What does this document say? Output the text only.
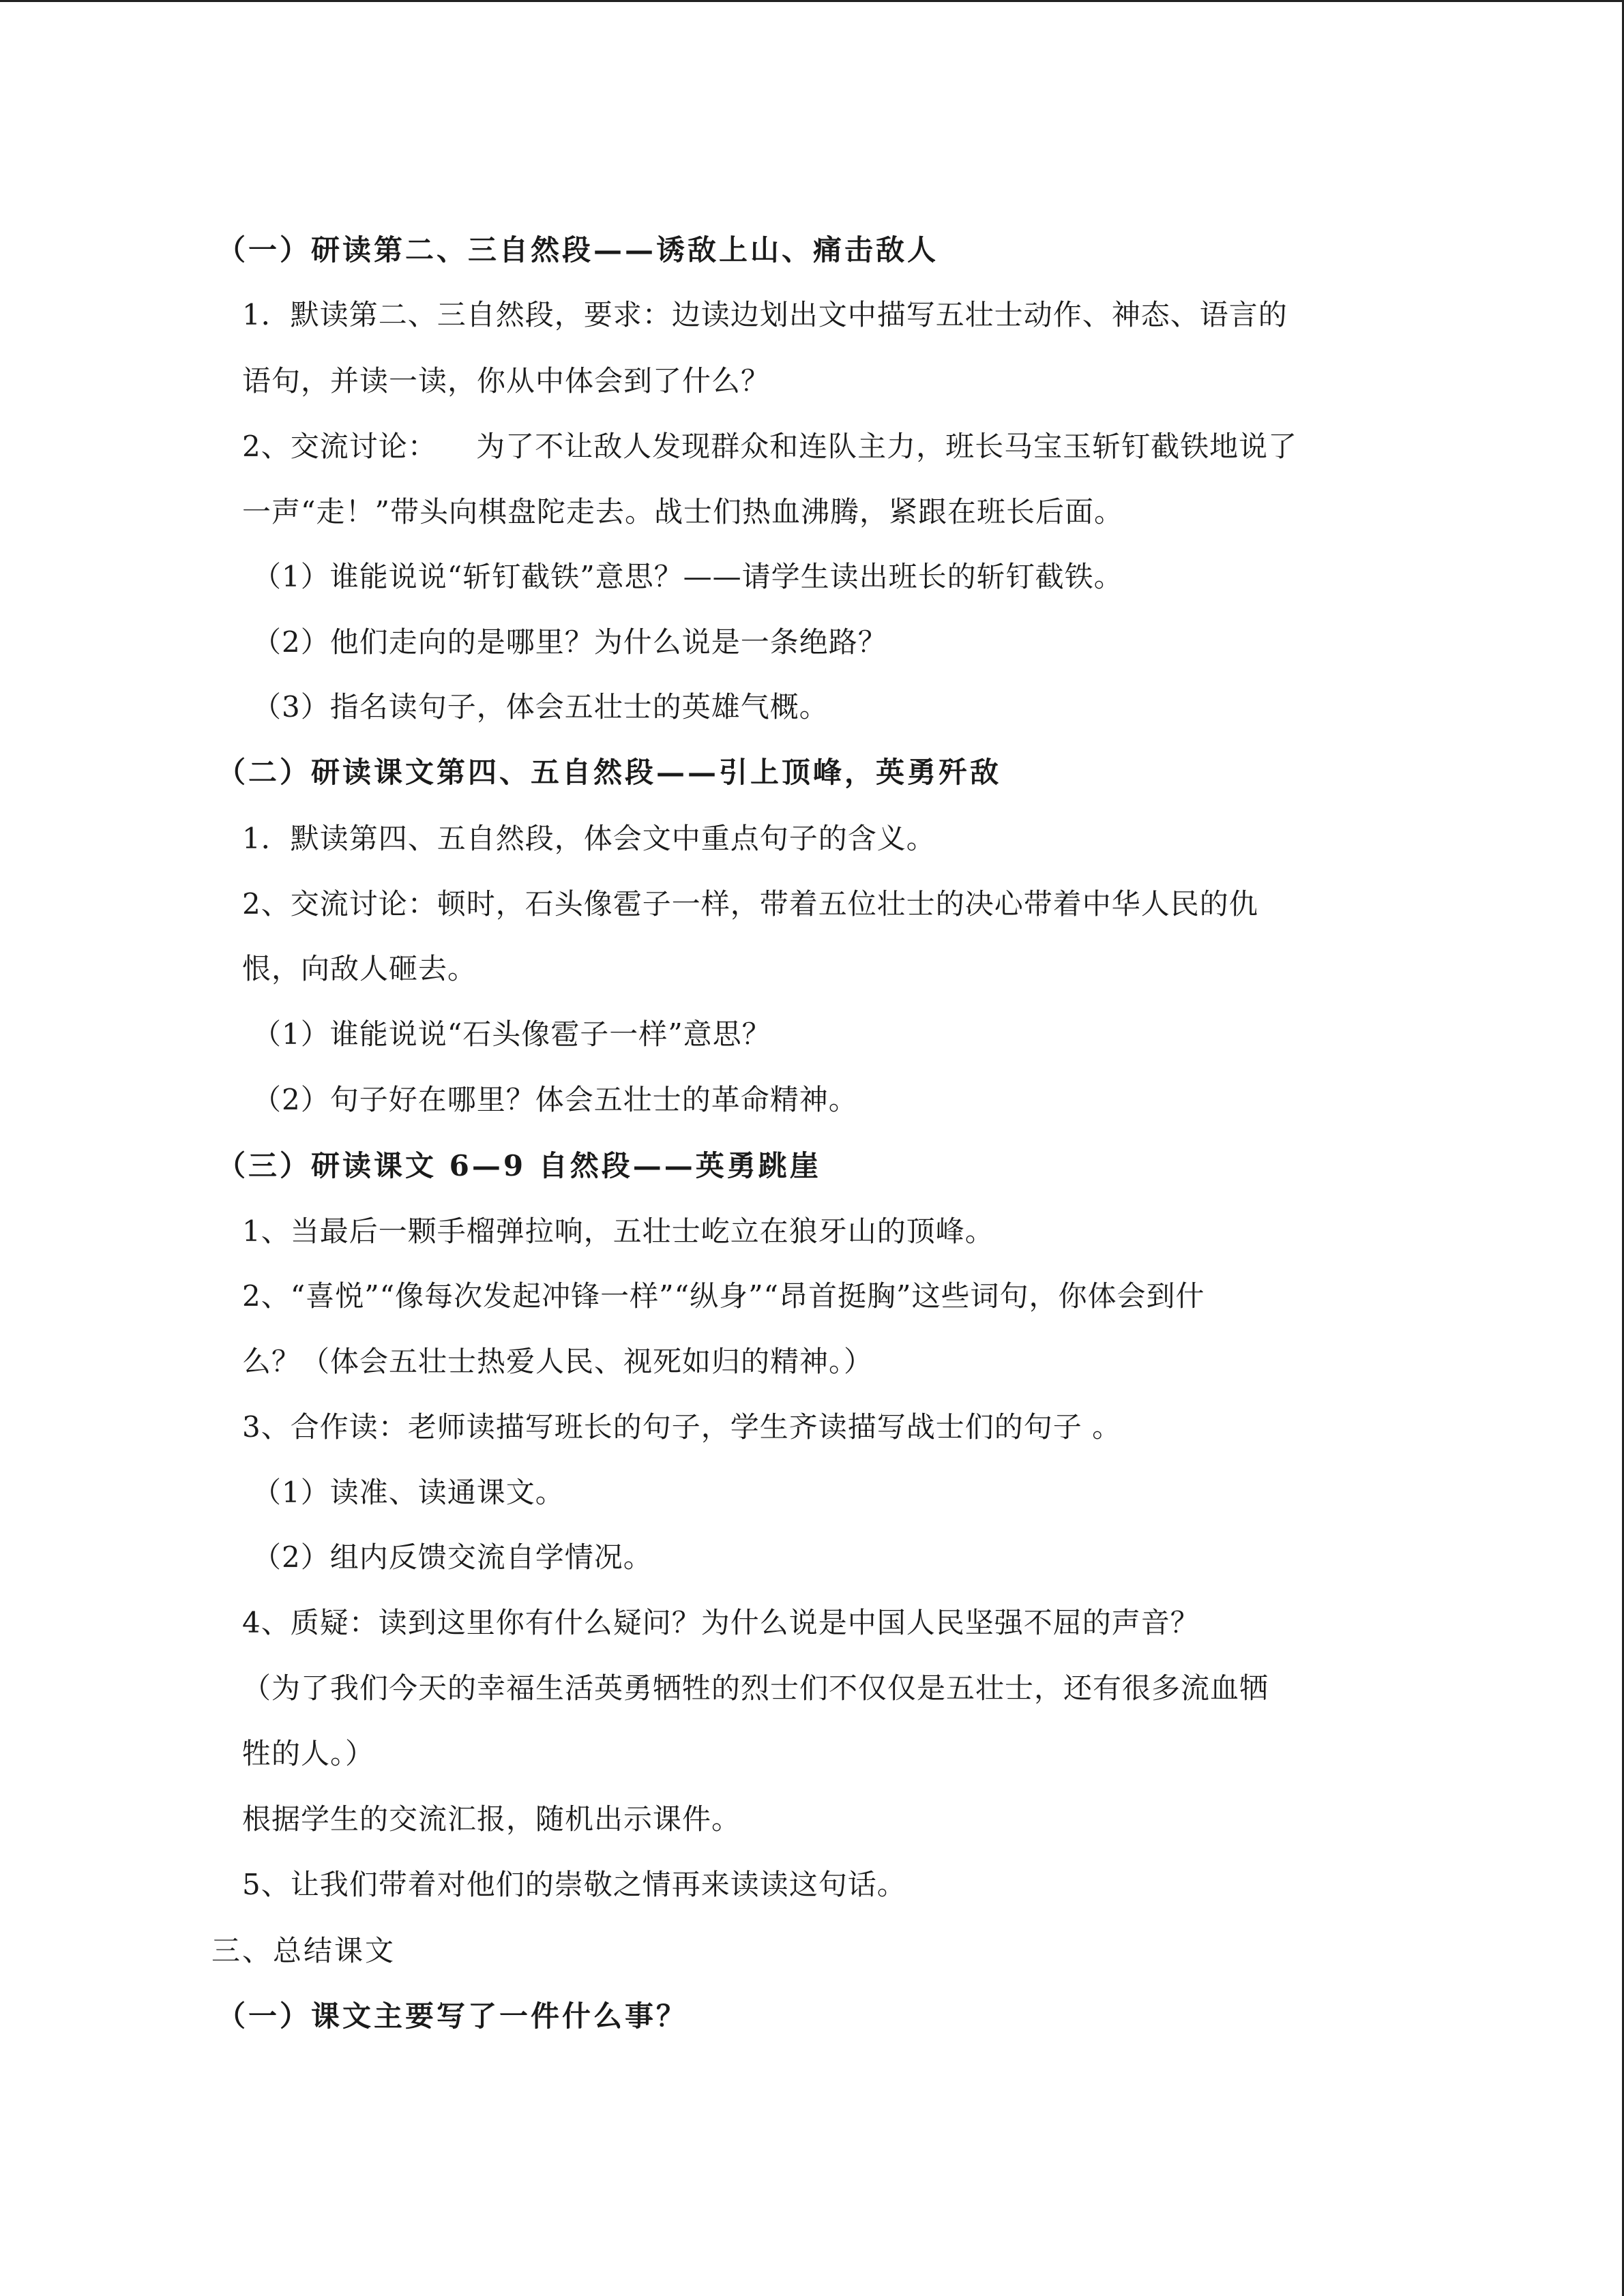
（一）研读第二、三自然段——诱敌上山、痛击敌人
1．默读第二、三自然段，要求：边读边划出文中描写五壮士动作、神态、语言的
语句，并读一读，你从中体会到了什么？
2、交流讨论：    为了不让敌人发现群众和连队主力，班长马宝玉斩钉截铁地说了
一声“走！”带头向棋盘陀走去。战士们热血沸腾，紧跟在班长后面。
（1）谁能说说“斩钉截铁”意思？——请学生读出班长的斩钉截铁。
（2）他们走向的是哪里？为什么说是一条绝路？
（3）指名读句子，体会五壮士的英雄气概。
（二）研读课文第四、五自然段——引上顶峰，英勇歼敌
1．默读第四、五自然段，体会文中重点句子的含义。
2、交流讨论：顿时，石头像雹子一样，带着五位壮士的决心带着中华人民的仇
恨，向敌人砸去。
（1）谁能说说“石头像雹子一样”意思？
（2）句子好在哪里？体会五壮士的革命精神。
（三）研读课文 6—9 自然段——英勇跳崖
1、当最后一颗手榴弹拉响，五壮士屹立在狼牙山的顶峰。
2、“喜悦”“像每次发起冲锋一样”“纵身”“昂首挺胸”这些词句，你体会到什
么？（体会五壮士热爱人民、视死如归的精神。）
3、合作读：老师读描写班长的句子，学生齐读描写战士们的句子 。
（1）读准、读通课文。
（2）组内反馈交流自学情况。
4、质疑：读到这里你有什么疑问？为什么说是中国人民坚强不屈的声音？
（为了我们今天的幸福生活英勇牺牲的烈士们不仅仅是五壮士，还有很多流血牺
牲的人。）
根据学生的交流汇报，随机出示课件。
5、让我们带着对他们的崇敬之情再来读读这句话。
三、总结课文
（一）课文主要写了一件什么事？
